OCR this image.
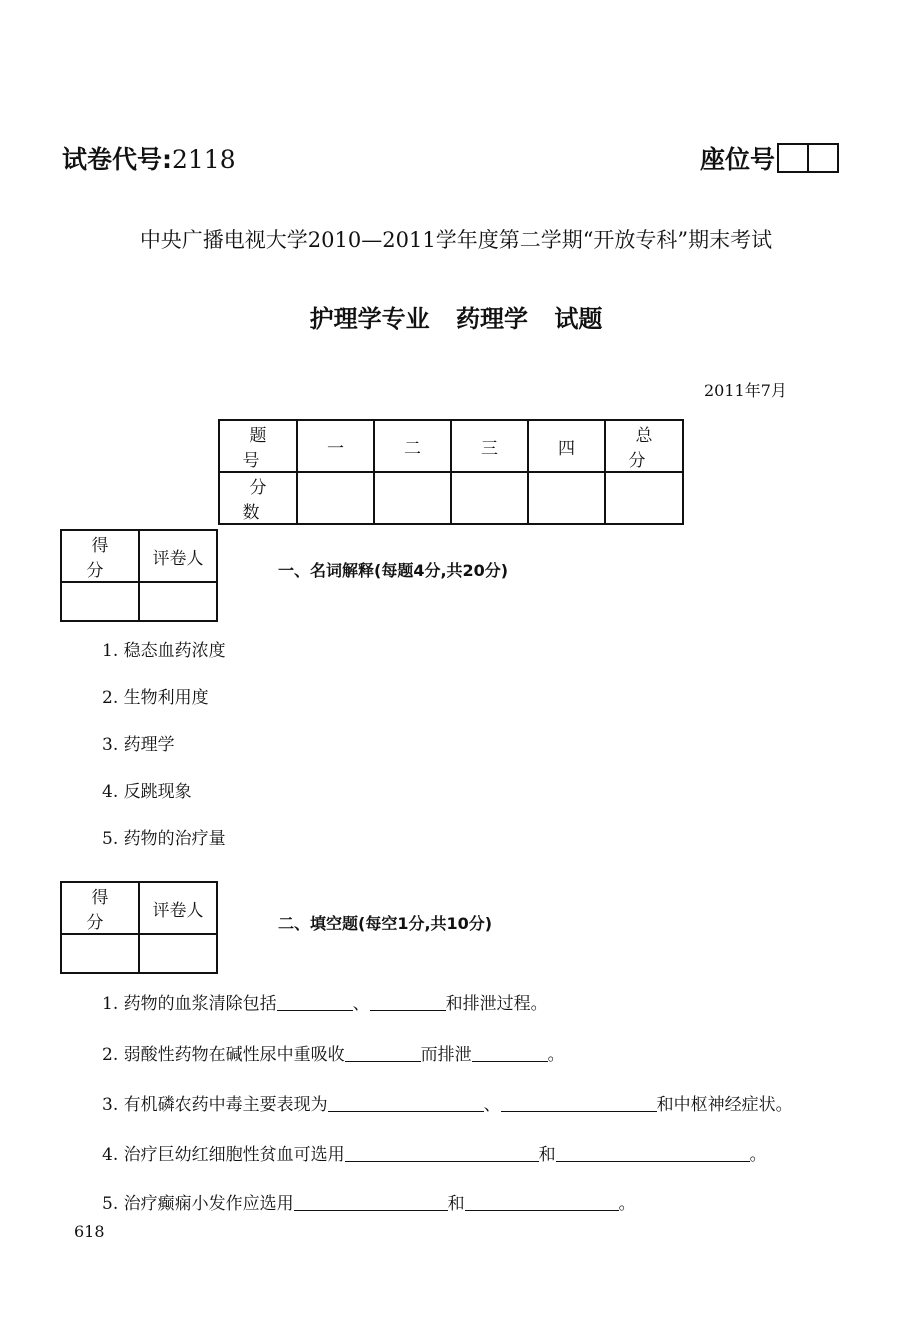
试卷代号:2118	座位号
中央广播电视大学2010—2011学年度第二学期“开放专科”期末考试
护理学专业 药理学 试题
2011年7月
题 号	一	二	三	四	总 分
分 数					
得 分	评卷人

一、名词解释(每题4分,共20分)
1. 稳态血药浓度
2. 生物利用度
3. 药理学
4. 反跳现象
5. 药物的治疗量
得 分	评卷人

二、填空题(每空1分,共10分)
1. 药物的血浆清除包括	、	和排泄过程。
2. 弱酸性药物在碱性尿中重吸收	而排泄	。
3. 有机磷农药中毒主要表现为	、	和中枢神经症状。
4. 治疗巨幼红细胞性贫血可选用	和	。
5. 治疗癫痫小发作应选用	和	。
618
